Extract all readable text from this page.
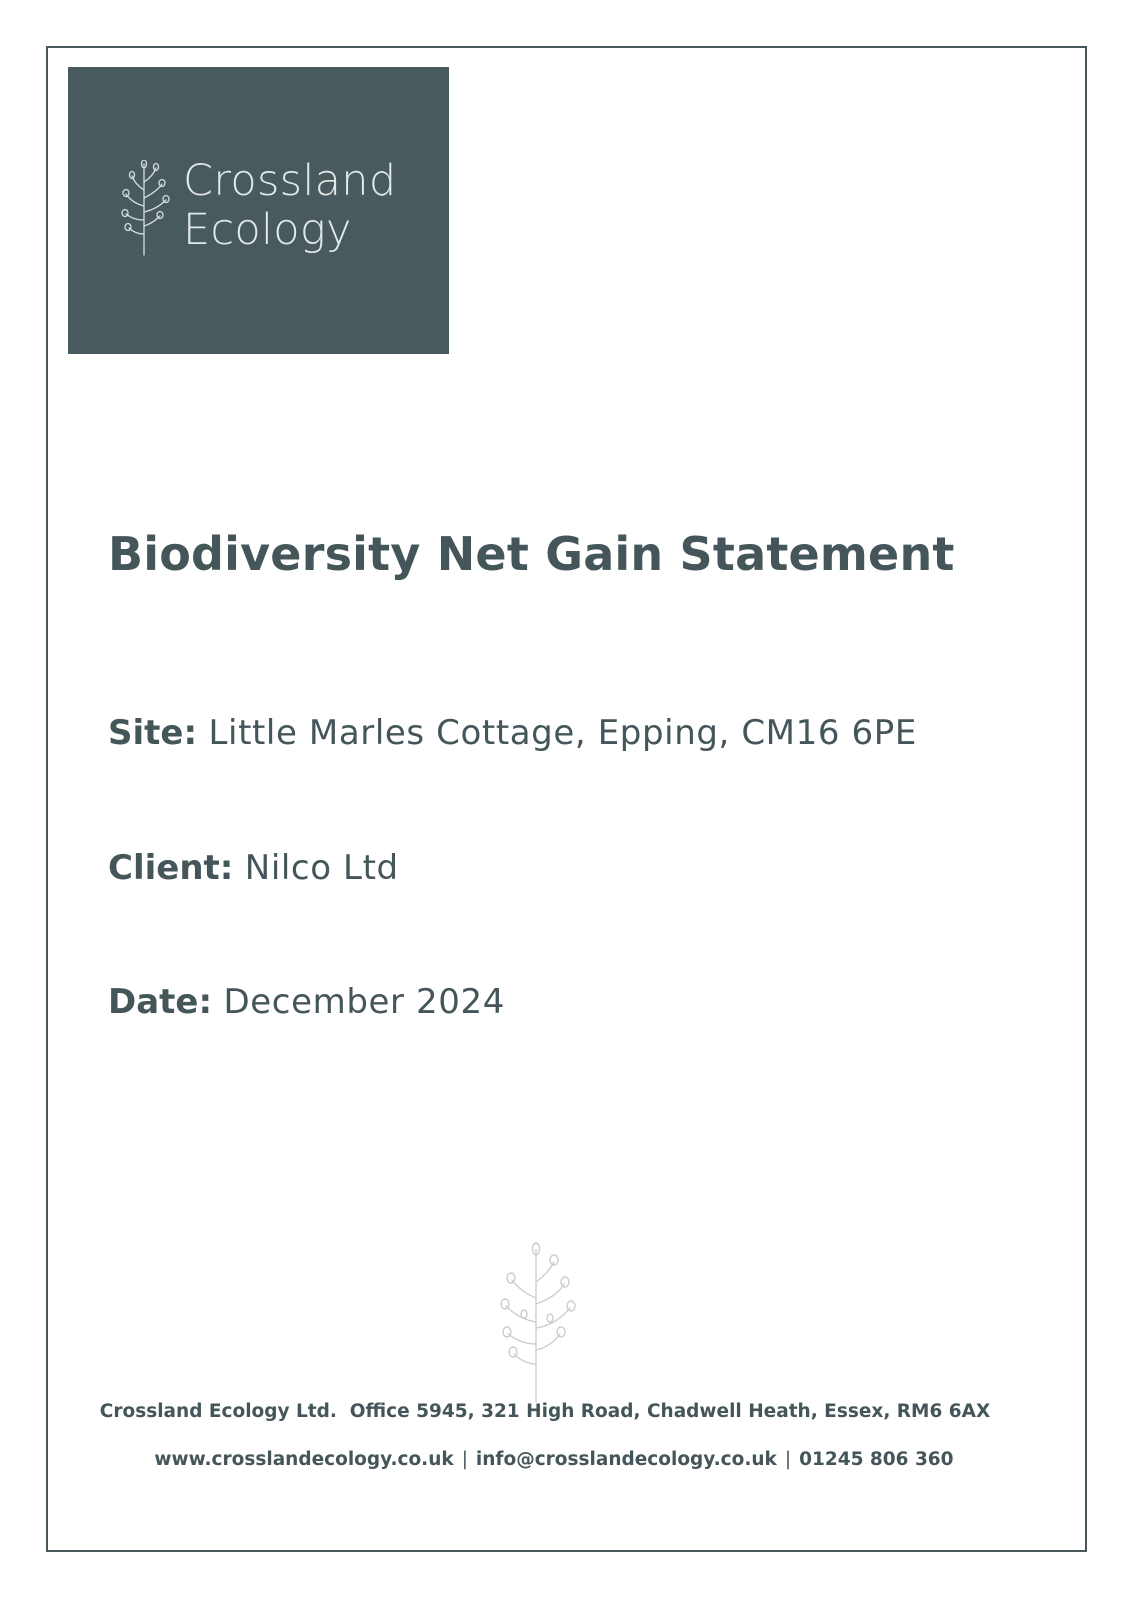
Crossland
Ecology
Biodiversity Net Gain Statement
Site: Little Marles Cottage, Epping, CM16 6PE
Client: Nilco Ltd
Date: December 2024
Crossland Ecology Ltd. Office 5945, 321 High Road, Chadwell Heath, Essex, RM6 6AX
www.crosslandecology.co.uk | info@crosslandecology.co.uk | 01245 806 360
